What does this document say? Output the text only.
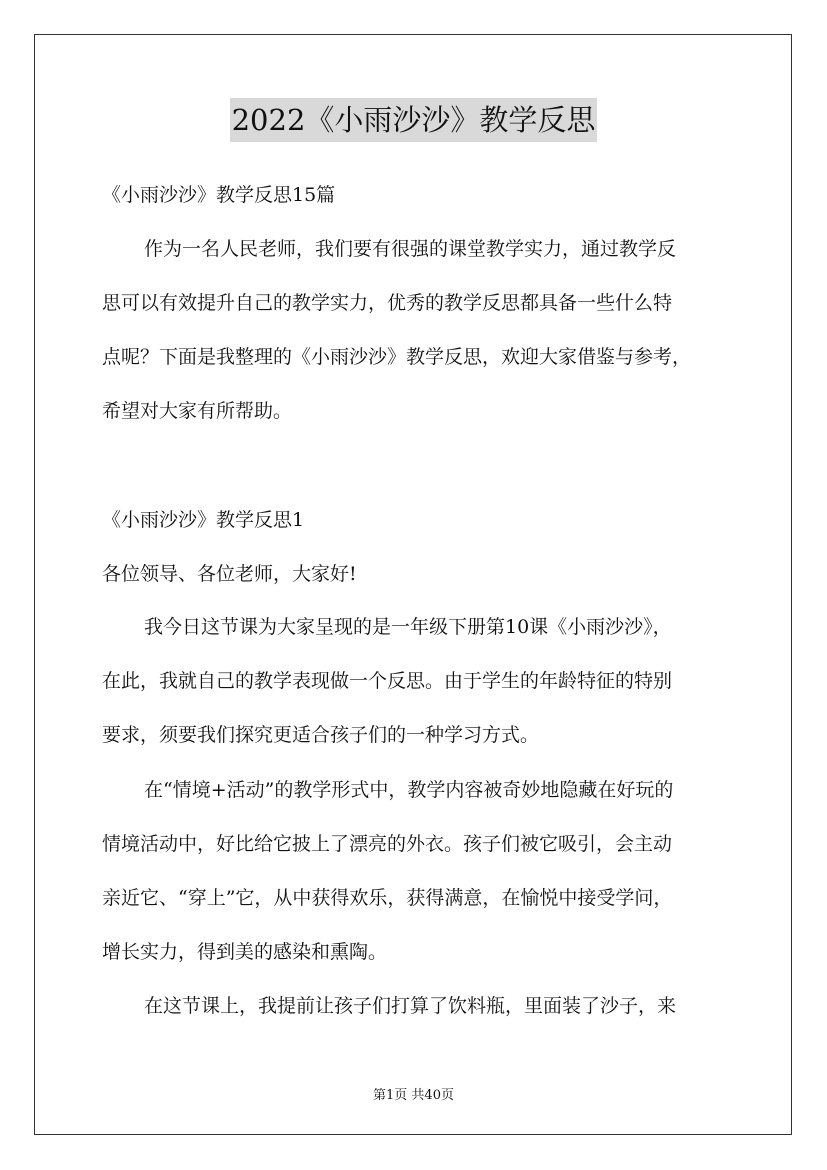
2022《小雨沙沙》教学反思
《小雨沙沙》教学反思15篇
作为一名人民老师，我们要有很强的课堂教学实力，通过教学反
思可以有效提升自己的教学实力，优秀的教学反思都具备一些什么特
点呢？下面是我整理的《小雨沙沙》教学反思，欢迎大家借鉴与参考，
希望对大家有所帮助。
《小雨沙沙》教学反思1
各位领导、各位老师，大家好!
我今日这节课为大家呈现的是一年级下册第10课《小雨沙沙》，
在此，我就自己的教学表现做一个反思。由于学生的年龄特征的特别
要求，须要我们探究更适合孩子们的一种学习方式。
在“情境+活动”的教学形式中，教学内容被奇妙地隐藏在好玩的
情境活动中，好比给它披上了漂亮的外衣。孩子们被它吸引，会主动
亲近它、“穿上”它，从中获得欢乐，获得满意，在愉悦中接受学问，
增长实力，得到美的感染和熏陶。
在这节课上，我提前让孩子们打算了饮料瓶，里面装了沙子，来
第1页 共40页
